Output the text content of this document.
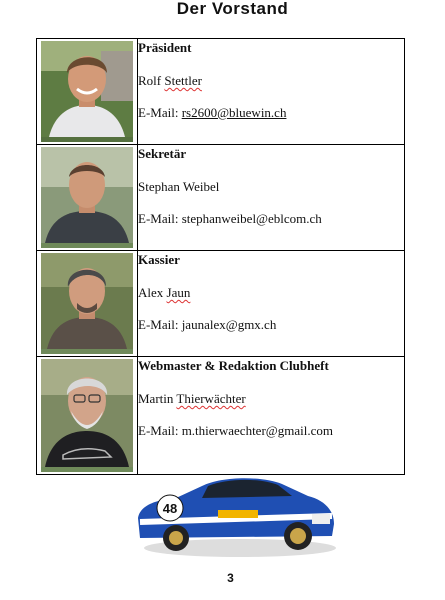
Der Vorstand

Präsident
Rolf Stettler
E-Mail: rs2600@bluewin.ch

Sekretär
Stephan Weibel
E-Mail: stephanweibel@eblcom.ch

Kassier
Alex Jaun
E-Mail: jaunalex@gmx.ch

Webmaster & Redaktion Clubheft
Martin Thierwächter
E-Mail: m.thierwaechter@gmail.com
48
3
